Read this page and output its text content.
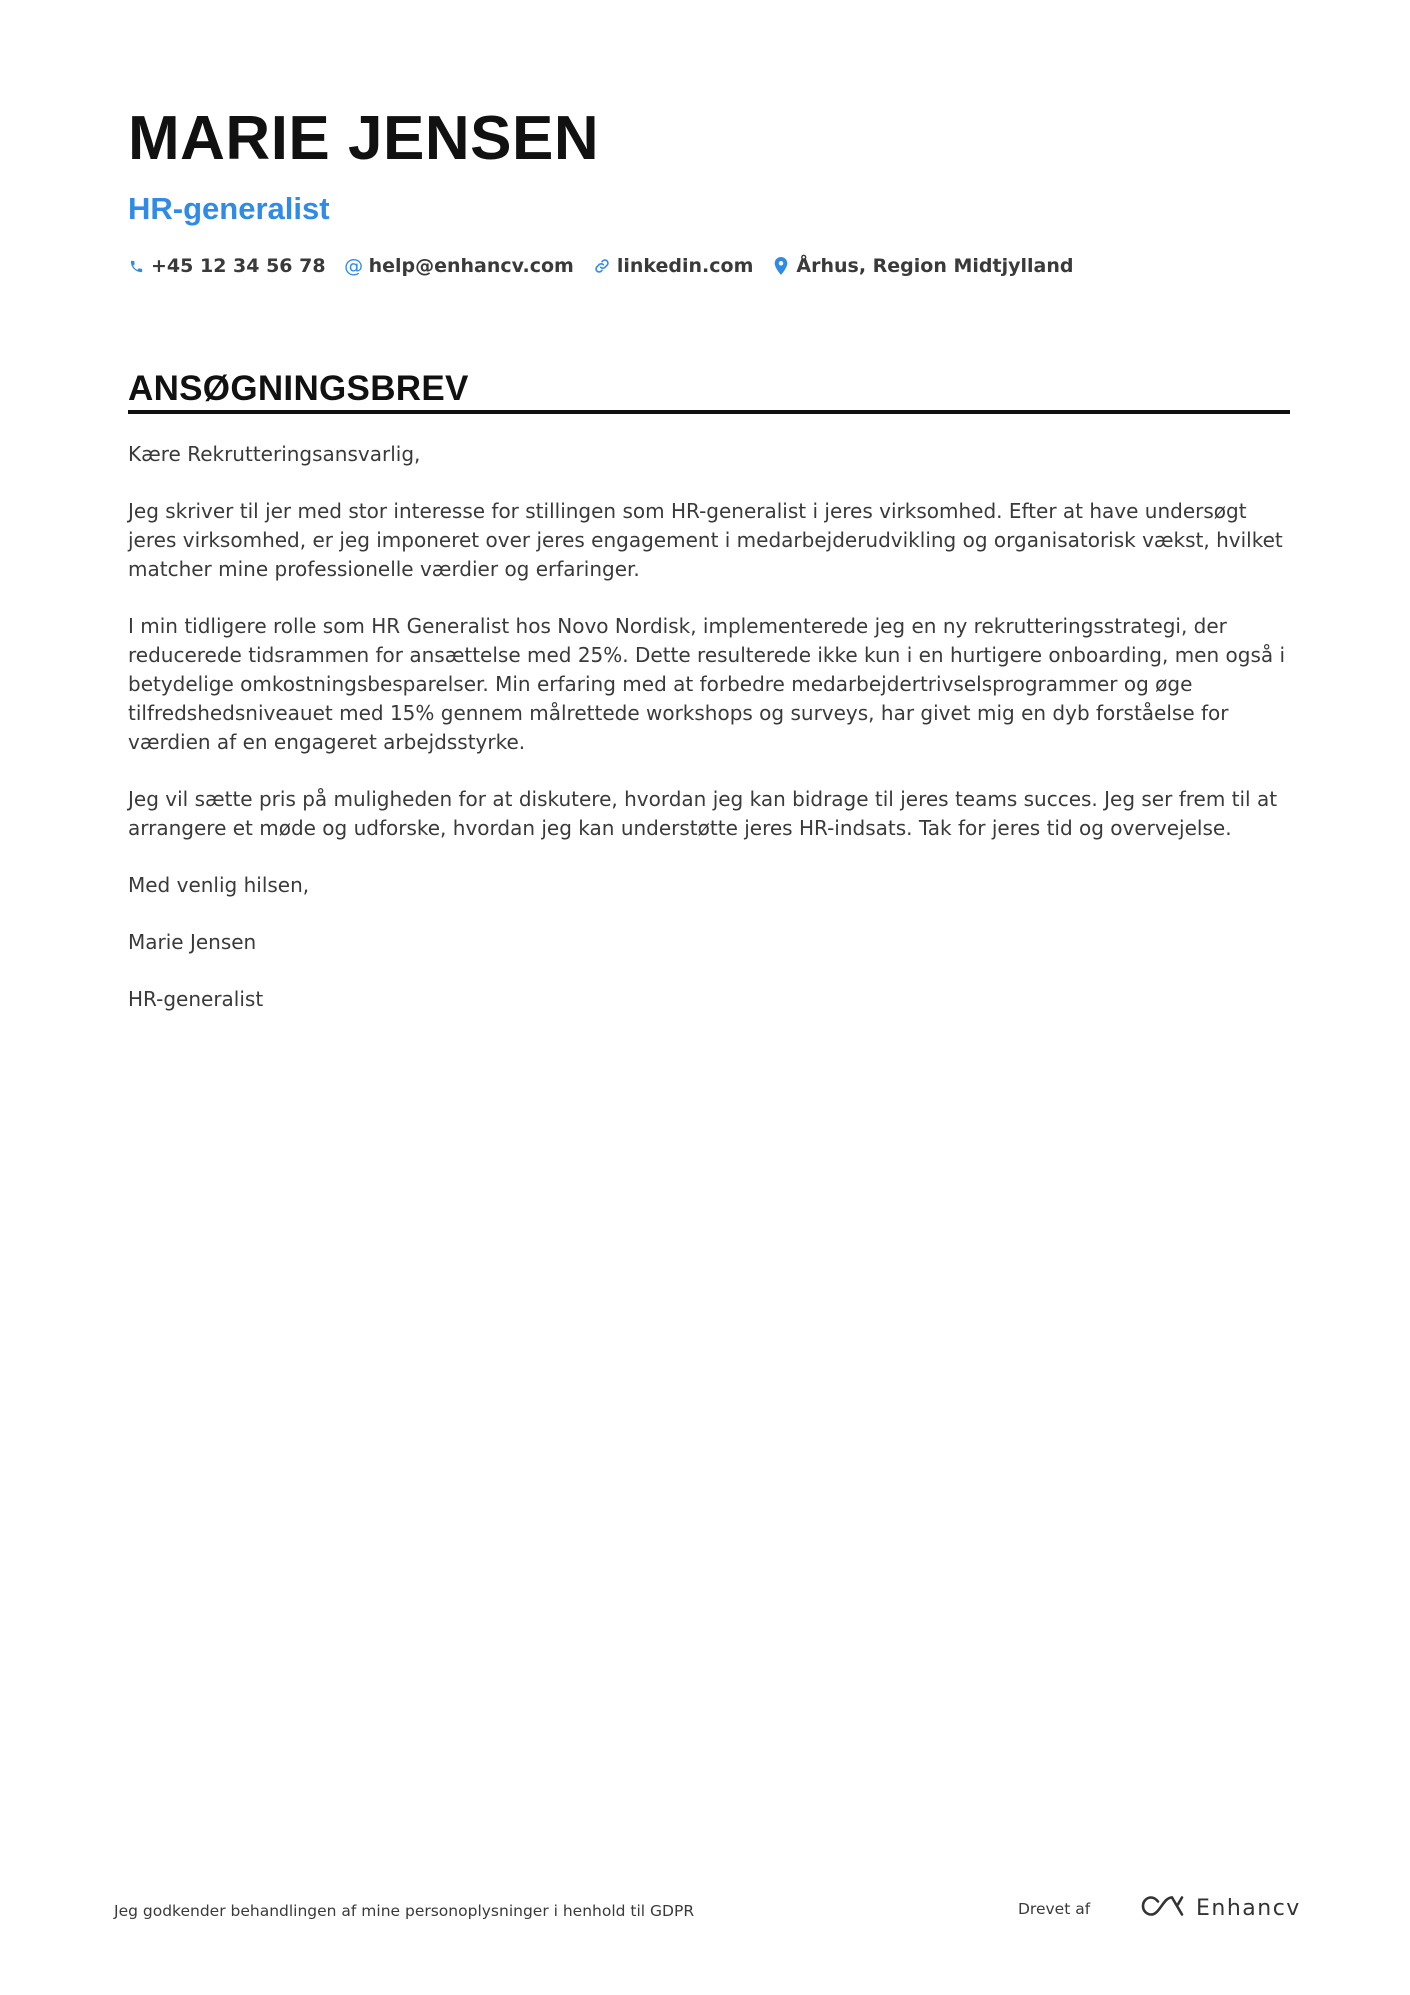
MARIE JENSEN
HR-generalist
+45 12 34 56 78 @ help@enhancv.com linkedin.com Århus, Region Midtjylland
ANSØGNINGSBREV

Kære Rekrutteringsansvarlig,

Jeg skriver til jer med stor interesse for stillingen som HR-generalist i jeres virksomhed. Efter at have undersøgt jeres virksomhed, er jeg imponeret over jeres engagement i medarbejderudvikling og organisatorisk vækst, hvilket matcher mine professionelle værdier og erfaringer.

I min tidligere rolle som HR Generalist hos Novo Nordisk, implementerede jeg en ny rekrutteringsstrategi, der reducerede tidsrammen for ansættelse med 25%. Dette resulterede ikke kun i en hurtigere onboarding, men også i betydelige omkostningsbesparelser. Min erfaring med at forbedre medarbejdertrivselsprogrammer og øge tilfredshedsniveauet med 15% gennem målrettede workshops og surveys, har givet mig en dyb forståelse for værdien af en engageret arbejdsstyrke.

Jeg vil sætte pris på muligheden for at diskutere, hvordan jeg kan bidrage til jeres teams succes. Jeg ser frem til at arrangere et møde og udforske, hvordan jeg kan understøtte jeres HR-indsats. Tak for jeres tid og overvejelse.

Med venlig hilsen,

Marie Jensen

HR-generalist

Jeg godkender behandlingen af mine personoplysninger i henhold til GDPR	Drevet af	Enhancv
